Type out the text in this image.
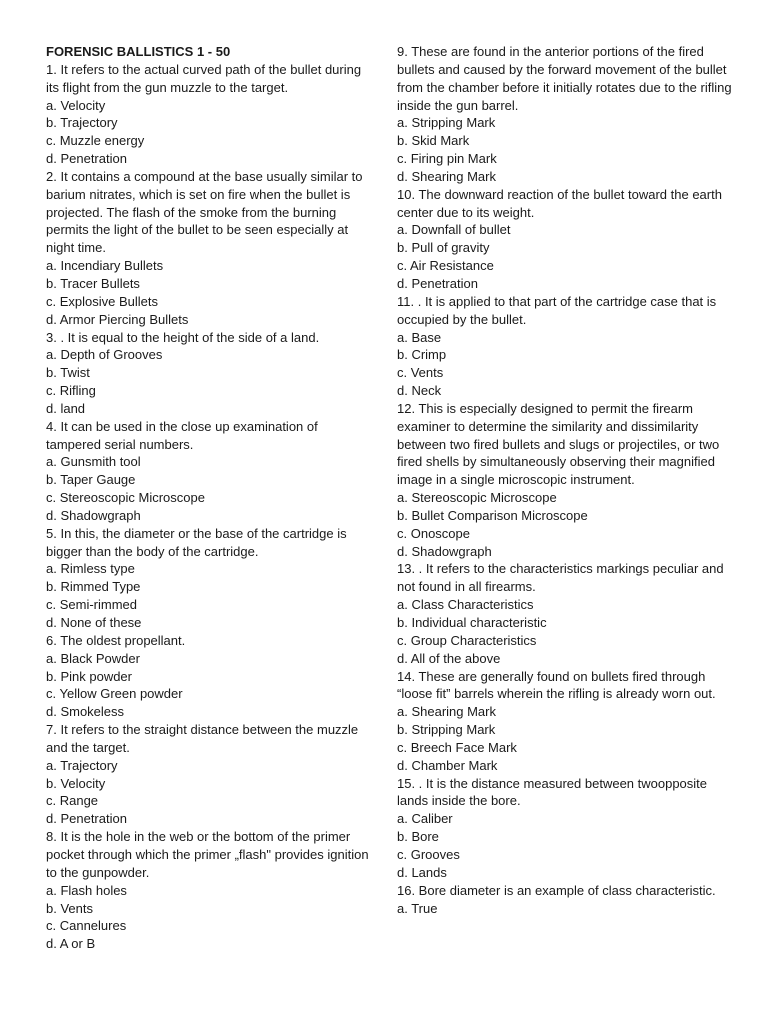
FORENSIC BALLISTICS 1 - 50

1. It refers to the actual curved path of the bullet during its flight from the gun muzzle to the target.

a. Velocity

b. Trajectory

c. Muzzle energy

d. Penetration

2. It contains a compound at the base usually similar to barium nitrates, which is set on fire when the bullet is projected. The flash of the smoke from the burning permits the light of the bullet to be seen especially at night time.

a. Incendiary Bullets

b. Tracer Bullets

c. Explosive Bullets

d. Armor Piercing Bullets

3. . It is equal to the height of the side of a land.

a. Depth of Grooves

b. Twist

c. Rifling

d. land

4. It can be used in the close up examination of tampered serial numbers.

a. Gunsmith tool

b. Taper Gauge

c. Stereoscopic Microscope

d. Shadowgraph

5. In this, the diameter or the base of the cartridge is bigger than the body of the cartridge.

a. Rimless type

b. Rimmed Type

c. Semi-rimmed

d. None of these

6. The oldest propellant.

a. Black Powder

b. Pink powder

c. Yellow Green powder

d. Smokeless

7. It refers to the straight distance between the muzzle and the target.

a. Trajectory

b. Velocity

c. Range

d. Penetration

8. It is the hole in the web or the bottom of the primer pocket through which the primer „flash" provides ignition to the gunpowder.

a. Flash holes

b. Vents

c. Cannelures

d. A or B

9. These are found in the anterior portions of the fired bullets and caused by the forward movement of the bullet from the chamber before it initially rotates due to the rifling inside the gun barrel.

a. Stripping Mark

b. Skid Mark

c. Firing pin Mark

d. Shearing Mark

10. The downward reaction of the bullet toward the earth center due to its weight.

a. Downfall of bullet

b. Pull of gravity

c. Air Resistance

d. Penetration

11. . It is applied to that part of the cartridge case that is occupied by the bullet.

a. Base

b. Crimp

c. Vents

d. Neck

12. This is especially designed to permit the firearm examiner to determine the similarity and dissimilarity between two fired bullets and slugs or projectiles, or two fired shells by simultaneously observing their magnified image in a single microscopic instrument.

a. Stereoscopic Microscope

b. Bullet Comparison Microscope

c. Onoscope

d. Shadowgraph

13. . It refers to the characteristics markings peculiar and not found in all firearms.

a. Class Characteristics

b. Individual characteristic

c. Group Characteristics

d. All of the above

14. These are generally found on bullets fired through “loose fit” barrels wherein the rifling is already worn out.

a. Shearing Mark

b. Stripping Mark

c. Breech Face Mark

d. Chamber Mark

15. . It is the distance measured between twoopposite lands inside the bore.

a. Caliber

b. Bore

c. Grooves

d. Lands

16. Bore diameter is an example of class characteristic.

a. True
